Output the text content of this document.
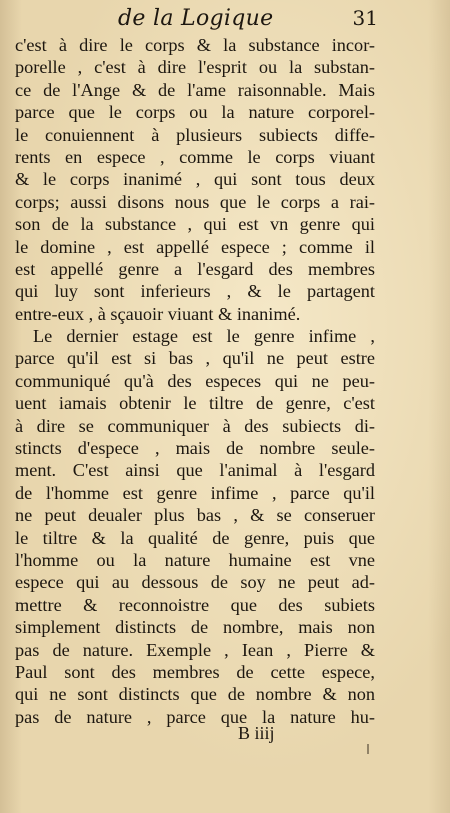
de la Logique	31
c'est à dire le corps & la substance incor-
porelle , c'est à dire l'esprit ou la substan-
ce de l'Ange & de l'ame raisonnable. Mais
parce que le corps ou la nature corporel-
le conuiennent à plusieurs subiects diffe-
rents en espece , comme le corps viuant
& le corps inanimé , qui sont tous deux
corps; aussi disons nous que le corps a rai-
son de la substance , qui est vn genre qui
le domine , est appellé espece ; comme il
est appellé genre a l'esgard des membres
qui luy sont inferieurs , & le partagent
entre-eux , à sçauoir viuant & inanimé.
Le dernier estage est le genre infime ,
parce qu'il est si bas , qu'il ne peut estre
communiqué qu'à des especes qui ne peu-
uent iamais obtenir le tiltre de genre, c'est
à dire se communiquer à des subiects di-
stincts d'espece , mais de nombre seule-
ment. C'est ainsi que l'animal à l'esgard
de l'homme est genre infime , parce qu'il
ne peut deualer plus bas , & se conseruer
le tiltre & la qualité de genre, puis que
l'homme ou la nature humaine est vne
espece qui au dessous de soy ne peut ad-
mettre & reconnoistre que des subiets
simplement distincts de nombre, mais non
pas de nature. Exemple , Iean , Pierre &
Paul sont des membres de cette espece,
qui ne sont distincts que de nombre & non
pas de nature , parce que la nature hu-
B iiij
